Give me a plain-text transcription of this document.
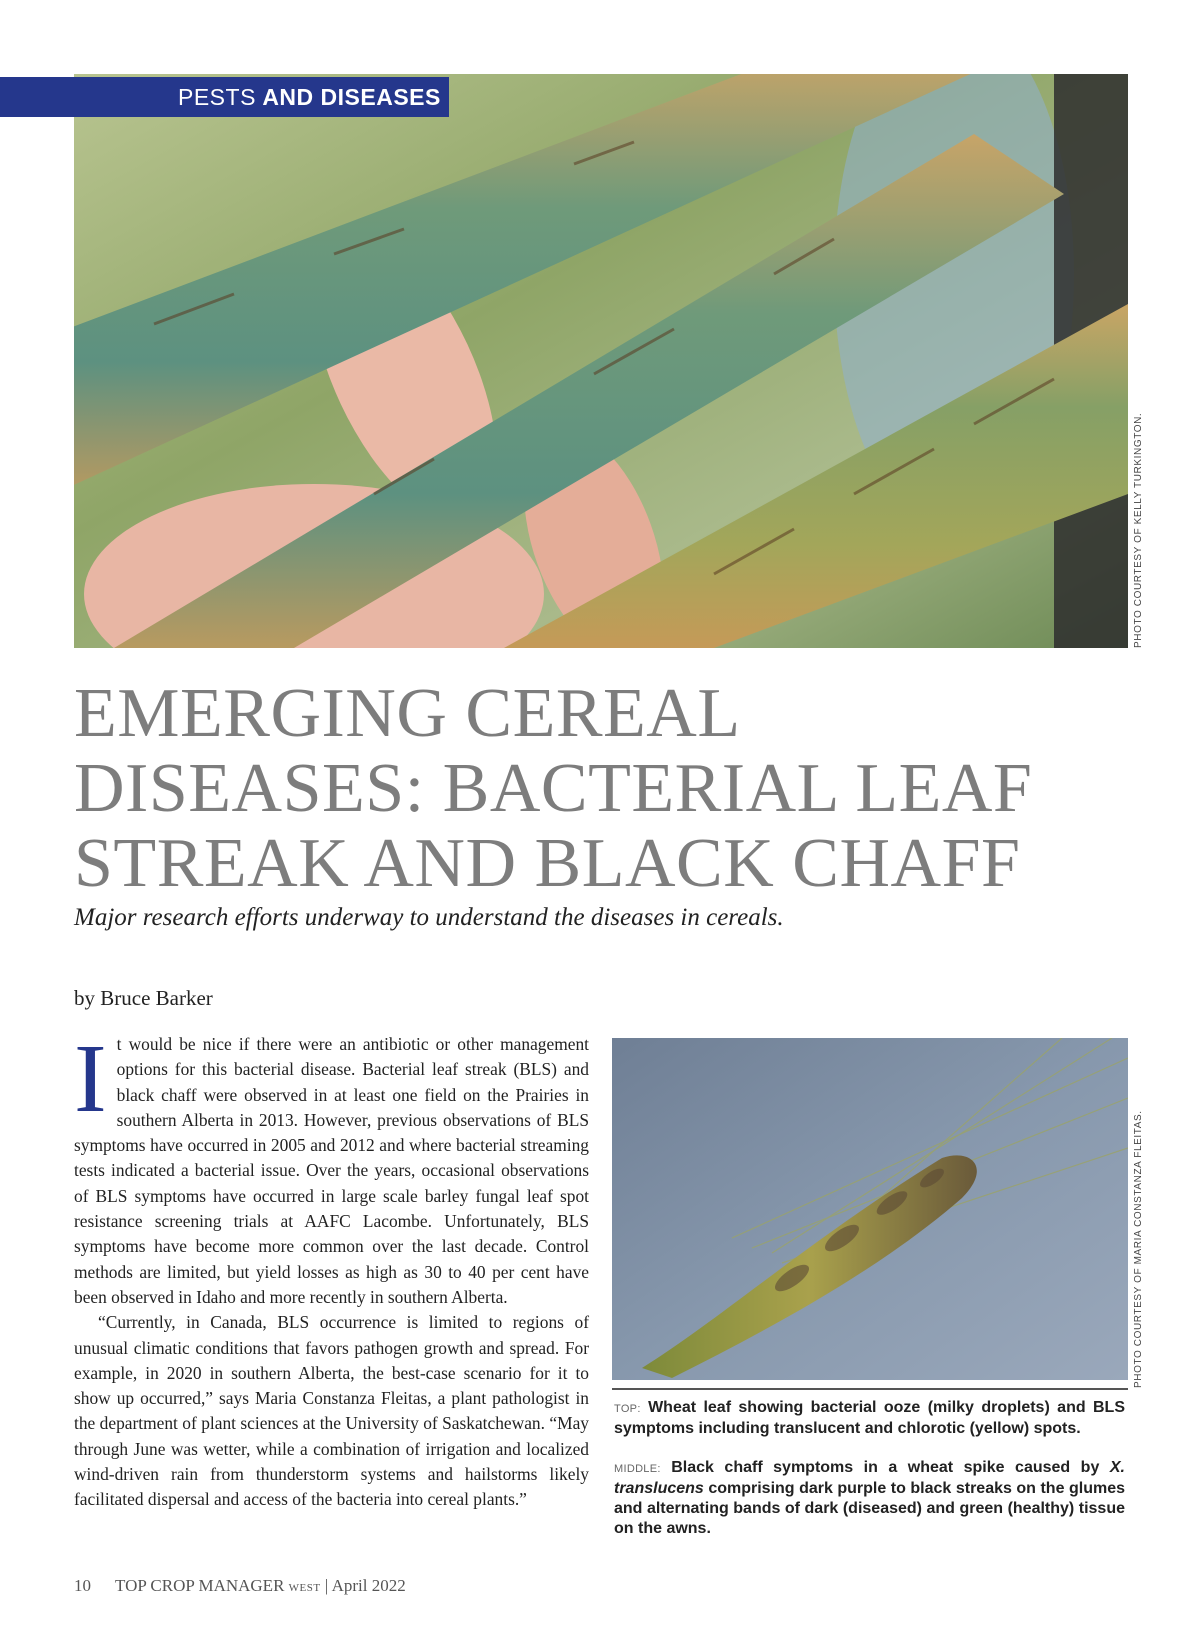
PESTS AND DISEASES
PHOTO COURTESY OF KELLY TURKINGTON.
EMERGING CEREAL
DISEASES: BACTERIAL LEAF
STREAK AND BLACK CHAFF
Major research efforts underway to understand the diseases in cereals.
by Bruce Barker

It would be nice if there were an antibiotic or other management options for this bacterial disease. Bacterial leaf streak (BLS) and black chaff were observed in at least one field on the Prairies in southern Alberta in 2013. However, previous observations of BLS symptoms have occurred in 2005 and 2012 and where bacterial streaming tests indicated a bacterial issue. Over the years, occasional observations of BLS symptoms have occurred in large scale barley fungal leaf spot resistance screening trials at AAFC Lacombe. Unfortunately, BLS symptoms have become more common over the last decade. Control methods are limited, but yield losses as high as 30 to 40 per cent have been observed in Idaho and more recently in southern Alberta.

“Currently, in Canada, BLS occurrence is limited to regions of unusual climatic conditions that favors pathogen growth and spread. For example, in 2020 in southern Alberta, the best-case scenario for it to show up occurred,” says Maria Constanza Fleitas, a plant pathologist in the department of plant sciences at the University of Saskatchewan. “May through June was wetter, while a combination of irrigation and localized wind-driven rain from thunderstorm systems and hailstorms likely facilitated dispersal and access of the bacteria into cereal plants.”

PHOTO COURTESY OF MARIA CONSTANZA FLEITAS.

TOP: Wheat leaf showing bacterial ooze (milky droplets) and BLS symptoms including translucent and chlorotic (yellow) spots.

MIDDLE: Black chaff symptoms in a wheat spike caused by X. translucens comprising dark purple to black streaks on the glumes and alternating bands of dark (diseased) and green (healthy) tissue on the awns.

10 TOP CROP MANAGER WEST | April 2022
